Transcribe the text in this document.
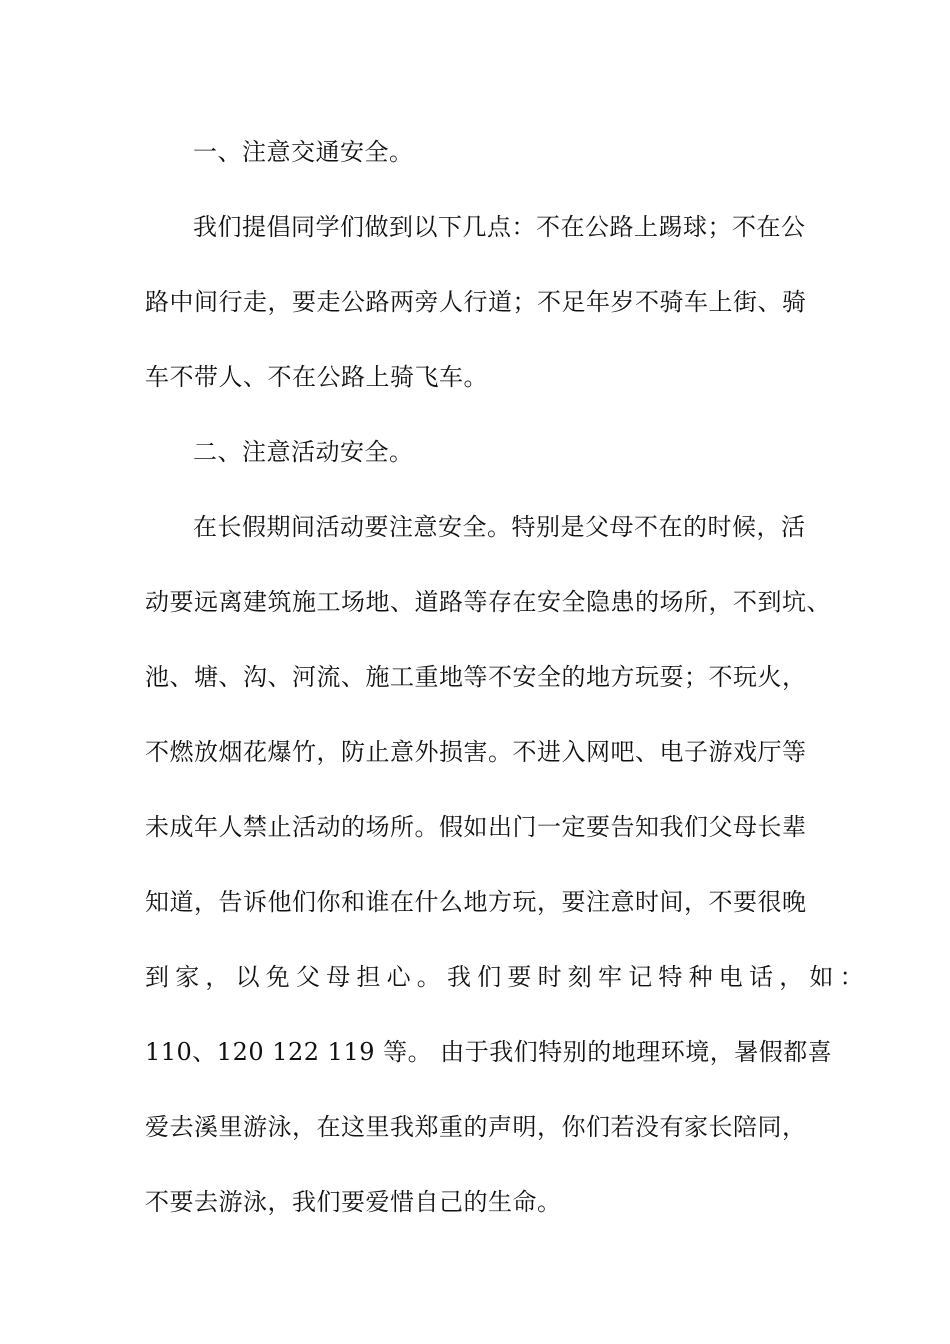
一、注意交通安全。
我们提倡同学们做到以下几点：不在公路上踢球；不在公
路中间行走，要走公路两旁人行道；不足年岁不骑车上街、骑
车不带人、不在公路上骑飞车。
二、注意活动安全。
在长假期间活动要注意安全。特别是父母不在的时候，活
动要远离建筑施工场地、道路等存在安全隐患的场所，不到坑、
池、塘、沟、河流、施工重地等不安全的地方玩耍；不玩火，
不燃放烟花爆竹，防止意外损害。不进入网吧、电子游戏厅等
未成年人禁止活动的场所。假如出门一定要告知我们父母长辈
知道，告诉他们你和谁在什么地方玩，要注意时间，不要很晚
到家，以免父母担心。我们要时刻牢记特种电话，如：
110、120 122 119 等。 由于我们特别的地理环境，暑假都喜
爱去溪里游泳，在这里我郑重的声明，你们若没有家长陪同，
不要去游泳，我们要爱惜自己的生命。
